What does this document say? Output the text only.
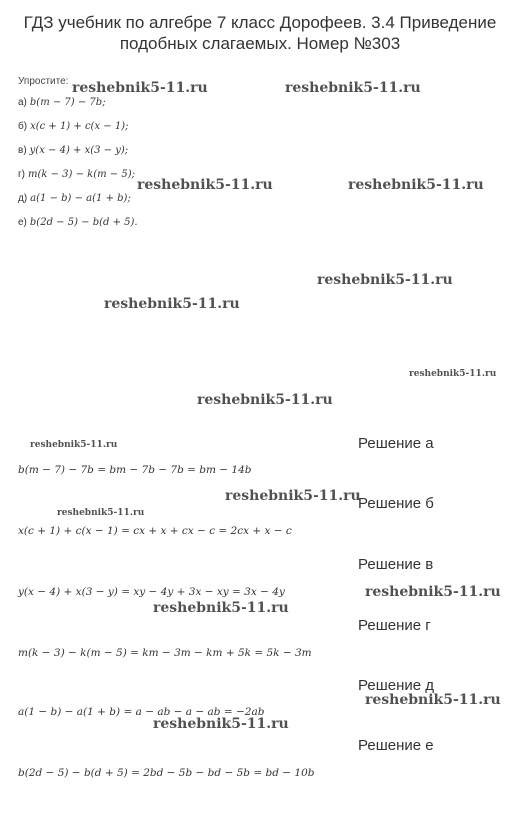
ГДЗ учебник по алгебре 7 класс Дорофеев. 3.4 Приведение подобных слагаемых. Номер №303
Упростите:
а) b(m − 7) − 7b;
б) x(c + 1) + c(x − 1);
в) y(x − 4) + x(3 − y);
г) m(k − 3) − k(m − 5);
д) a(1 − b) − a(1 + b);
е) b(2d − 5) − b(d + 5).
Решение а
b(m − 7) − 7b = bm − 7b − 7b = bm − 14b
Решение б
x(c + 1) + c(x − 1) = cx + x + cx − c = 2cx + x − c
Решение в
y(x − 4) + x(3 − y) = xy − 4y + 3x − xy = 3x − 4y
Решение г
m(k − 3) − k(m − 5) = km − 3m − km + 5k = 5k − 3m
Решение д
a(1 − b) − a(1 + b) = a − ab − a − ab = −2ab
Решение е
b(2d − 5) − b(d + 5) = 2bd − 5b − bd − 5b = bd − 10b
reshebnik5-11.ru	reshebnik5-11.ru
reshebnik5-11.ru	reshebnik5-11.ru
reshebnik5-11.ru
reshebnik5-11.ru
reshebnik5-11.ru
reshebnik5-11.ru
reshebnik5-11.ru
reshebnik5-11.ru
reshebnik5-11.ru
reshebnik5-11.ru
reshebnik5-11.ru
reshebnik5-11.ru
reshebnik5-11.ru
